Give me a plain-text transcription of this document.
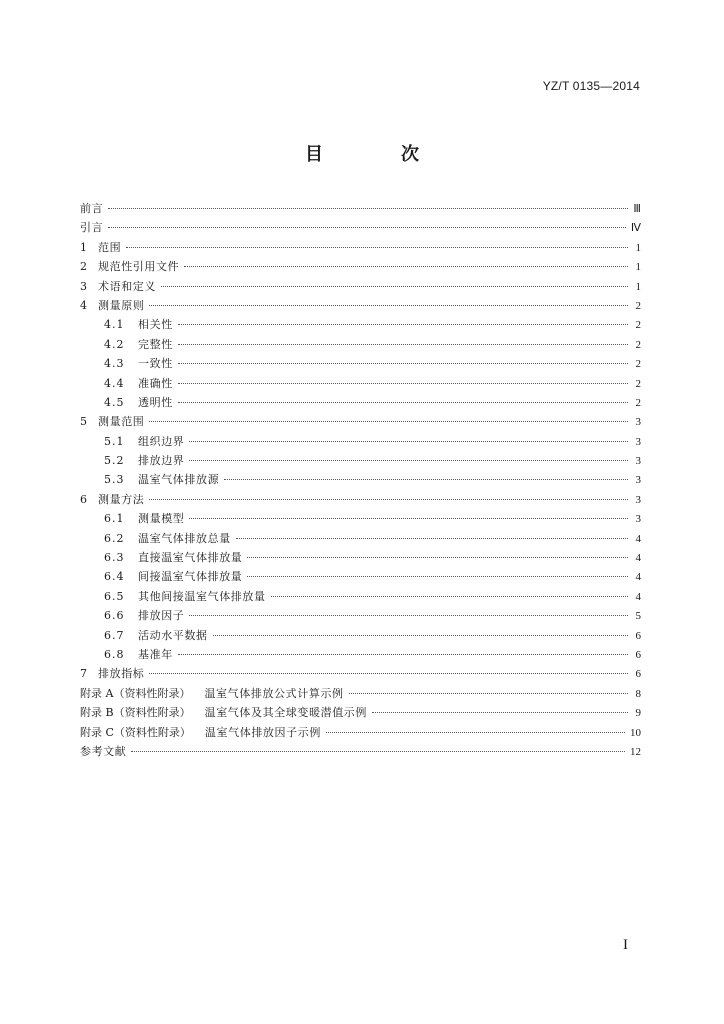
YZ/T 0135—2014
目　次
前言	Ⅲ
引言	Ⅳ
1	范围	1
2	规范性引用文件	1
3	术语和定义	1
4	测量原则	2
4.1	相关性	2
4.2	完整性	2
4.3	一致性	2
4.4	准确性	2
4.5	透明性	2
5	测量范围	3
5.1	组织边界	3
5.2	排放边界	3
5.3	温室气体排放源	3
6	测量方法	3
6.1	测量模型	3
6.2	温室气体排放总量	4
6.3	直接温室气体排放量	4
6.4	间接温室气体排放量	4
6.5	其他间接温室气体排放量	4
6.6	排放因子	5
6.7	活动水平数据	6
6.8	基准年	6
7	排放指标	6
附录 A（资料性附录） 温室气体排放公式计算示例	8
附录 B（资料性附录） 温室气体及其全球变暖潜值示例	9
附录 C（资料性附录） 温室气体排放因子示例	10
参考文献	12
I
